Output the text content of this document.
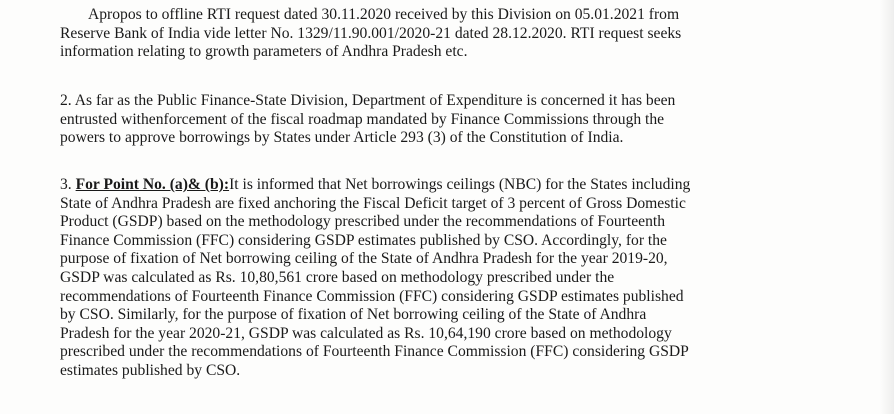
Apropos to offline RTI request dated 30.11.2020 received by this Division on 05.01.2021 from
Reserve Bank of India vide letter No. 1329/11.90.001/2020-21 dated 28.12.2020. RTI request seeks
information relating to growth parameters of Andhra Pradesh etc.

2. As far as the Public Finance-State Division, Department of Expenditure is concerned it has been
entrusted withenforcement of the fiscal roadmap mandated by Finance Commissions through the
powers to approve borrowings by States under Article 293 (3) of the Constitution of India.

3. For Point No. (a)& (b):It is informed that Net borrowings ceilings (NBC) for the States including
State of Andhra Pradesh are fixed anchoring the Fiscal Deficit target of 3 percent of Gross Domestic
Product (GSDP) based on the methodology prescribed under the recommendations of Fourteenth
Finance Commission (FFC) considering GSDP estimates published by CSO. Accordingly, for the
purpose of fixation of Net borrowing ceiling of the State of Andhra Pradesh for the year 2019-20,
GSDP was calculated as Rs. 10,80,561 crore based on methodology prescribed under the
recommendations of Fourteenth Finance Commission (FFC) considering GSDP estimates published
by CSO. Similarly, for the purpose of fixation of Net borrowing ceiling of the State of Andhra
Pradesh for the year 2020-21, GSDP was calculated as Rs. 10,64,190 crore based on methodology
prescribed under the recommendations of Fourteenth Finance Commission (FFC) considering GSDP
estimates published by CSO.
